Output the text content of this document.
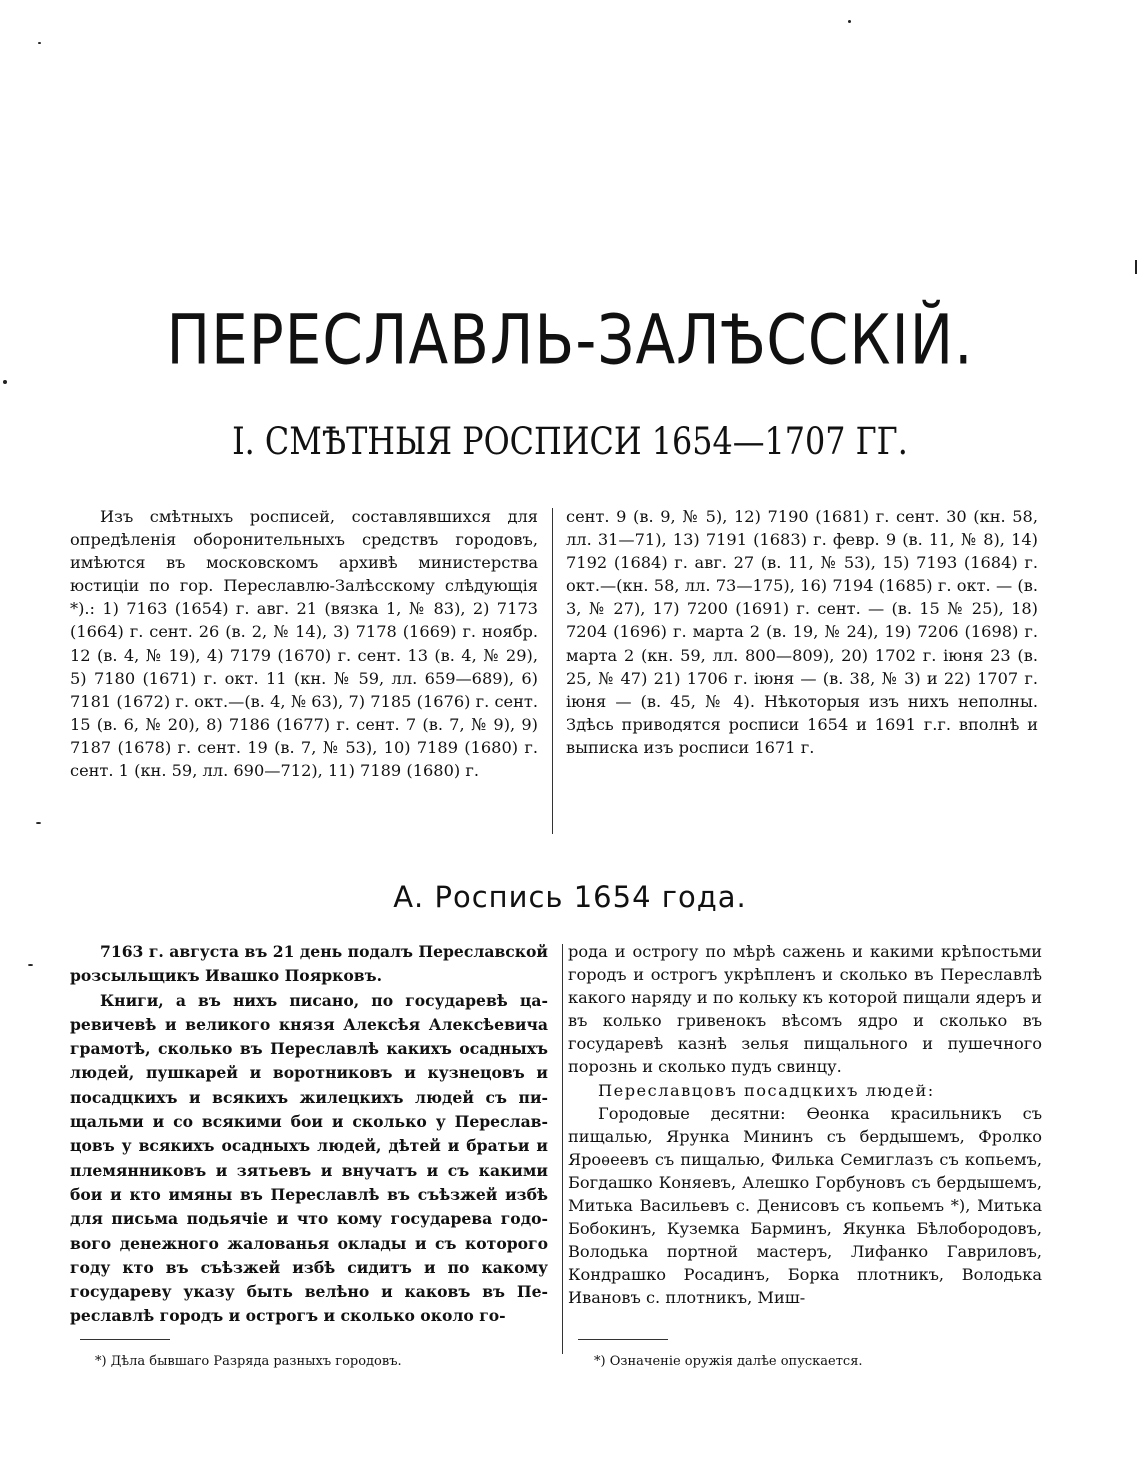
ПЕРЕСЛАВЛЬ-ЗАЛѢССКІЙ.
I. СМѢТНЫЯ РОСПИСИ 1654—1707 ГГ.

Изъ смѣтныхъ росписей, составлявшихся для опредѣленія оборонительныхъ средствъ городовъ, имѣются въ московскомъ архивѣ министерства юстиціи по гор. Переславлю-Залѣсскому слѣдующія *).: 1) 7163 (1654) г. авг. 21 (вязка 1, № 83), 2) 7173 (1664) г. сент. 26 (в. 2, № 14), 3) 7178 (1669) г. ноябр. 12 (в. 4, № 19), 4) 7179 (1670) г. сент. 13 (в. 4, № 29), 5) 7180 (1671) г. окт. 11 (кн. № 59, лл. 659—689), 6) 7181 (1672) г. окт.—(в. 4, № 63), 7) 7185 (1676) г. сент. 15 (в. 6, № 20), 8) 7186 (1677) г. сент. 7 (в. 7, № 9), 9) 7187 (1678) г. сент. 19 (в. 7, № 53), 10) 7189 (1680) г. сент. 1 (кн. 59, лл. 690—712), 11) 7189 (1680) г.

сент. 9 (в. 9, № 5), 12) 7190 (1681) г. сент. 30 (кн. 58, лл. 31—71), 13) 7191 (1683) г. февр. 9 (в. 11, № 8), 14) 7192 (1684) г. авг. 27 (в. 11, № 53), 15) 7193 (1684) г. окт.—(кн. 58, лл. 73—175), 16) 7194 (1685) г. окт. — (в. 3, № 27), 17) 7200 (1691) г. сент. — (в. 15 № 25), 18) 7204 (1696) г. марта 2 (в. 19, № 24), 19) 7206 (1698) г. марта 2 (кн. 59, лл. 800—809), 20) 1702 г. іюня 23 (в. 25, № 47) 21) 1706 г. іюня — (в. 38, № 3) и 22) 1707 г. іюня — (в. 45, № 4). Нѣкоторыя изъ нихъ неполны. Здѣсь приводятся росписи 1654 и 1691 г.г. вполнѣ и выписка изъ росписи 1671 г.

А. Роспись 1654 года.

7163 г. августа въ 21 день подалъ Переславской розсыльщикъ Ивашко Поярковъ.

Книги, а въ нихъ писано, по государевѣ царевичевѣ и великого князя Алексѣя Алексѣевича грамотѣ, сколько въ Переславлѣ какихъ осадныхъ людей, пушкарей и воротниковъ и кузнецовъ и посадцкихъ и всякихъ жилецкихъ людей съ пищальми и со всякими бои и сколько у Переславцовъ у всякихъ осадныхъ людей, дѣтей и братьи и племянниковъ и зятьевъ и внучатъ и съ какими бои и кто имяны въ Переславлѣ въ съѣзжей избѣ для письма подьячіе и что кому государева годового денежного жалованья оклады и съ которого году кто въ съѣзжей избѣ сидитъ и по какому государеву указу быть велѣно и каковъ въ Переславлѣ городъ и острогъ и сколько около го-

рода и острогу по мѣрѣ сажень и какими крѣпостьми городъ и острогъ укрѣпленъ и сколько въ Переславлѣ какого наряду и по кольку къ которой пищали ядеръ и въ колько гривенокъ вѣсомъ ядро и сколько въ государевѣ казнѣ зелья пищального и пушечного порознь и сколько пудъ свинцу.

Переславцовъ посадцкихъ людей:

Городовые десятни: Ѳеонка красильникъ съ пищалью, Ярунка Мининъ съ бердышемъ, Фролко Яроѳеевъ съ пищалью, Филька Семиглазъ съ копьемъ, Богдашко Коняевъ, Алешко Горбуновъ съ бердышемъ, Митька Васильевъ с. Денисовъ съ копьемъ *), Митька Бобокинъ, Куземка Барминъ, Якунка Бѣлобородовъ, Володька портной мастеръ, Лифанко Гавриловъ, Кондрашко Росадинъ, Борка плотникъ, Володька Ивановъ с. плотникъ, Миш-

*) Дѣла бывшаго Разряда разныхъ городовъ.	*) Означеніе оружія далѣе опускается.
